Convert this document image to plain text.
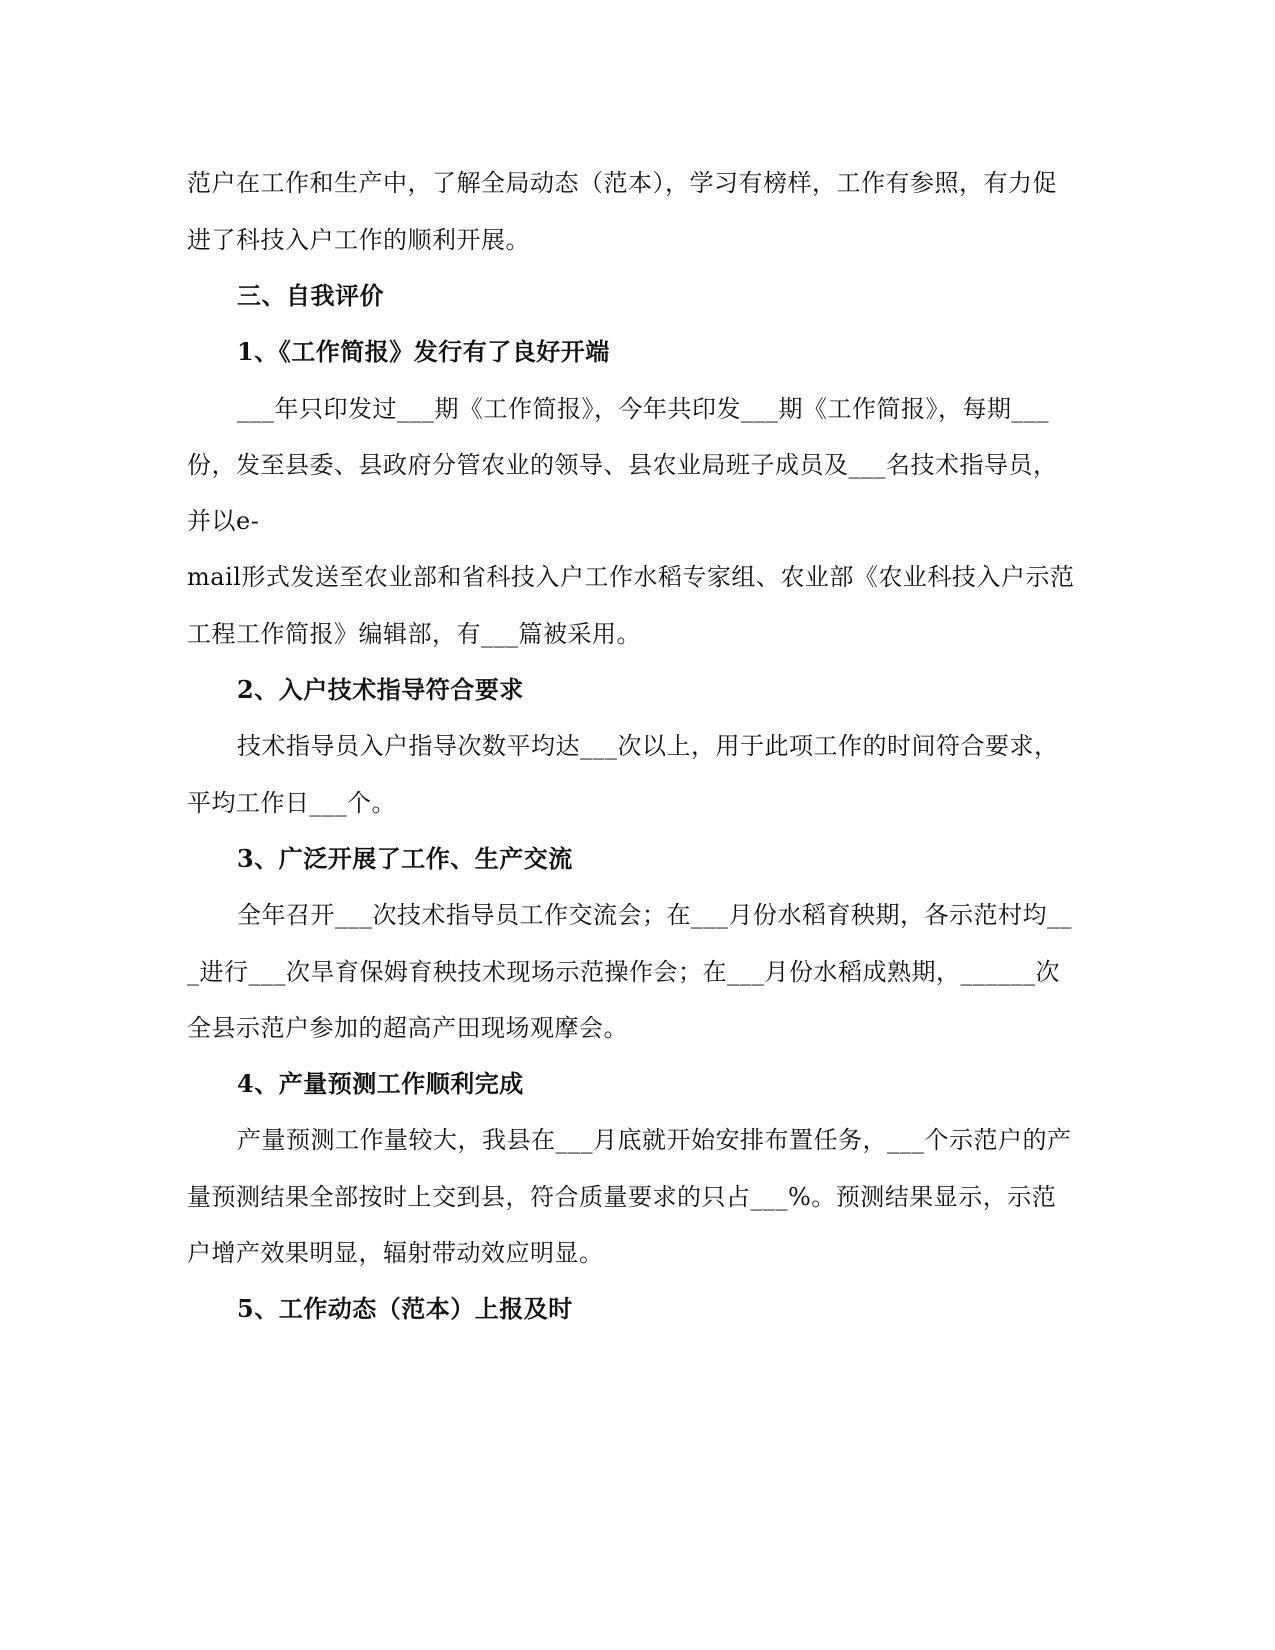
范户在工作和生产中，了解全局动态（范本），学习有榜样，工作有参照，有力促
进了科技入户工作的顺利开展。
三、自我评价
1、《工作简报》发行有了良好开端
___年只印发过___期《工作简报》，今年共印发___期《工作简报》，每期___
份，发至县委、县政府分管农业的领导、县农业局班子成员及___名技术指导员，
并以e-
mail形式发送至农业部和省科技入户工作水稻专家组、农业部《农业科技入户示范
工程工作简报》编辑部，有___篇被采用。
2、入户技术指导符合要求
技术指导员入户指导次数平均达___次以上，用于此项工作的时间符合要求，
平均工作日___个。
3、广泛开展了工作、生产交流
全年召开___次技术指导员工作交流会；在___月份水稻育秧期，各示范村均__
_进行___次旱育保姆育秧技术现场示范操作会；在___月份水稻成熟期，______次
全县示范户参加的超高产田现场观摩会。
4、产量预测工作顺利完成
产量预测工作量较大，我县在___月底就开始安排布置任务，___个示范户的产
量预测结果全部按时上交到县，符合质量要求的只占___%。预测结果显示，示范
户增产效果明显，辐射带动效应明显。
5、工作动态（范本）上报及时
